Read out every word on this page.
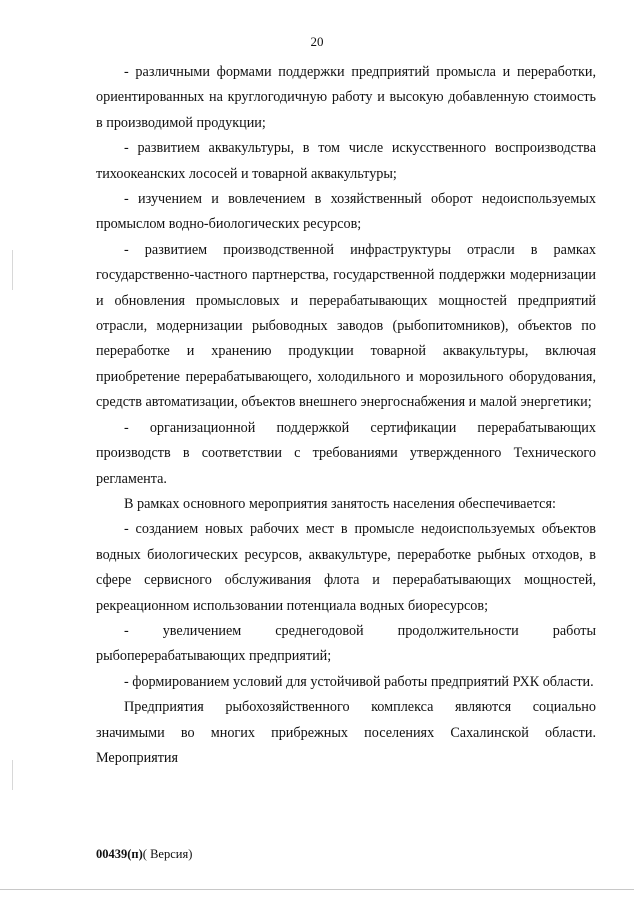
20

- различными формами поддержки предприятий промысла и переработки, ориентированных на круглогодичную работу и высокую добавленную стоимость в производимой продукции;

- развитием аквакультуры, в том числе искусственного воспроизводства тихоокеанских лососей и товарной аквакультуры;

- изучением и вовлечением в хозяйственный оборот недоиспользуемых промыслом водно-биологических ресурсов;

- развитием производственной инфраструктуры отрасли в рамках государственно-частного партнерства, государственной поддержки модернизации и обновления промысловых и перерабатывающих мощностей предприятий отрасли, модернизации рыбоводных заводов (рыбопитомников), объектов по переработке и хранению продукции товарной аквакультуры, включая приобретение перерабатывающего, холодильного и морозильного оборудования, средств автоматизации, объектов внешнего энергоснабжения и малой энергетики;

- организационной поддержкой сертификации перерабатывающих производств в соответствии с требованиями утвержденного Технического регламента.

В рамках основного мероприятия занятость населения обеспечивается:

- созданием новых рабочих мест в промысле недоиспользуемых объектов водных биологических ресурсов, аквакультуре, переработке рыбных отходов, в сфере сервисного обслуживания флота и перерабатывающих мощностей, рекреационном использовании потенциала водных биоресурсов;

- увеличением среднегодовой продолжительности работы рыбоперерабатывающих предприятий;

- формированием условий для устойчивой работы предприятий РХК области.

Предприятия рыбохозяйственного комплекса являются социально значимыми во многих прибрежных поселениях Сахалинской области. Мероприятия

00439(п)( Версия)
